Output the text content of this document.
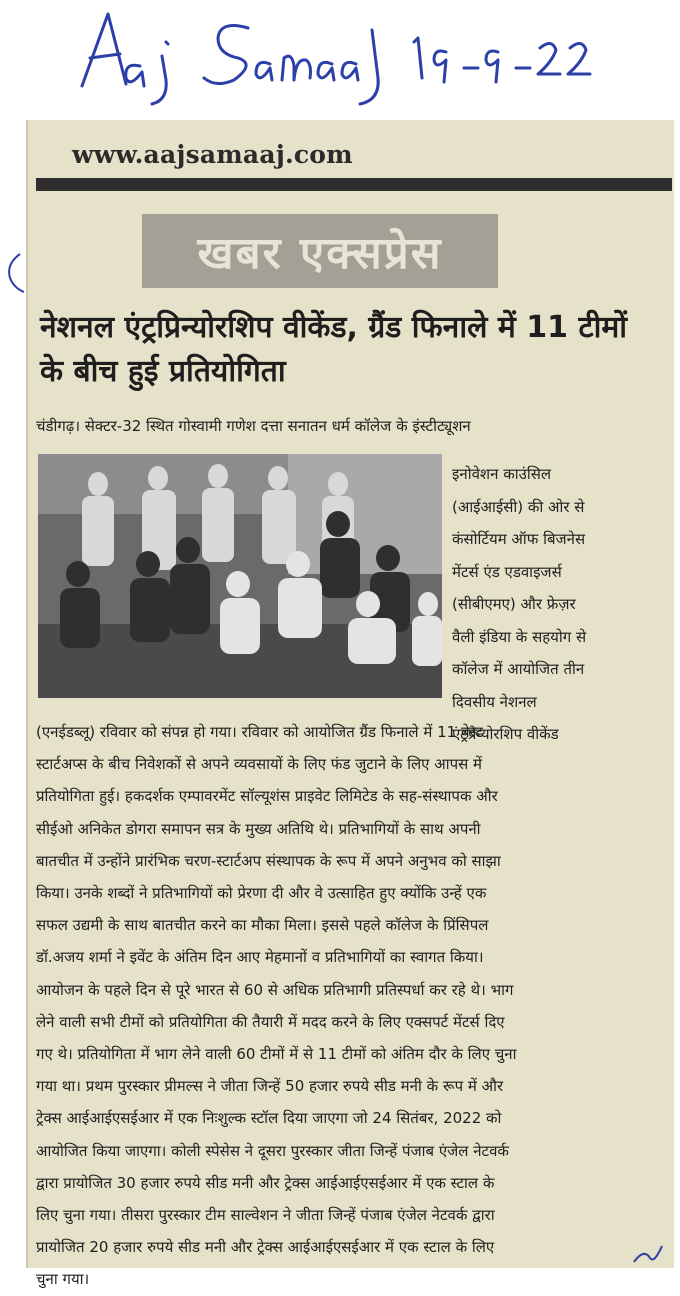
www.aajsamaaj.com
खबर एक्सप्रेस
नेशनल एंट्रप्रिन्योरशिप वीकेंड, ग्रैंड फिनाले में 11 टीमों के बीच हुई प्रतियोगिता
चंडीगढ़। सेक्टर-32 स्थित गोस्वामी गणेश दत्ता सनातन धर्म कॉलेज के इंस्टीट्यूशन
इनोवेशन काउंसिल
(आईआईसी) की ओर से
कंसोर्टियम ऑफ बिजनेस
मेंटर्स एंड एडवाइजर्स
(सीबीएमए) और फ्रेज़र
वैली इंडिया के सहयोग से
कॉलेज में आयोजित तीन
दिवसीय नेशनल
एंट्रप्रेन्योरशिप वीकेंड
(एनईडब्लू) रविवार को संपन्न हो गया। रविवार को आयोजित ग्रैंड फिनाले में 11 बेस्ट
स्टार्टअप्स के बीच निवेशकों से अपने व्यवसायों के लिए फंड जुटाने के लिए आपस में
प्रतियोगिता हुई। हकदर्शक एम्पावरमेंट सॉल्यूशंस प्राइवेट लिमिटेड के सह-संस्थापक और
सीईओ अनिकेत डोगरा समापन सत्र के मुख्य अतिथि थे। प्रतिभागियों के साथ अपनी
बातचीत में उन्होंने प्रारंभिक चरण-स्टार्टअप संस्थापक के रूप में अपने अनुभव को साझा
किया। उनके शब्दों ने प्रतिभागियों को प्रेरणा दी और वे उत्साहित हुए क्योंकि उन्हें एक
सफल उद्यमी के साथ बातचीत करने का मौका मिला। इससे पहले कॉलेज के प्रिंसिपल
डॉ.अजय शर्मा ने इवेंट के अंतिम दिन आए मेहमानों व प्रतिभागियों का स्वागत किया।
आयोजन के पहले दिन से पूरे भारत से 60 से अधिक प्रतिभागी प्रतिस्पर्धा कर रहे थे। भाग
लेने वाली सभी टीमों को प्रतियोगिता की तैयारी में मदद करने के लिए एक्सपर्ट मेंटर्स दिए
गए थे। प्रतियोगिता में भाग लेने वाली 60 टीमों में से 11 टीमों को अंतिम दौर के लिए चुना
गया था। प्रथम पुरस्कार प्रीमल्स ने जीता जिन्हें 50 हजार रुपये सीड मनी के रूप में और
ट्रेक्स आईआईएसईआर में एक निःशुल्क स्टॉल दिया जाएगा जो 24 सितंबर, 2022 को
आयोजित किया जाएगा। कोली स्पेसेस ने दूसरा पुरस्कार जीता जिन्हें पंजाब एंजेल नेटवर्क
द्वारा प्रायोजित 30 हजार रुपये सीड मनी और ट्रेक्स आईआईएसईआर में एक स्टाल के
लिए चुना गया। तीसरा पुरस्कार टीम साल्वेशन ने जीता जिन्हें पंजाब एंजेल नेटवर्क द्वारा
प्रायोजित 20 हजार रुपये सीड मनी और ट्रेक्स आईआईएसईआर में एक स्टाल के लिए
चुना गया।
